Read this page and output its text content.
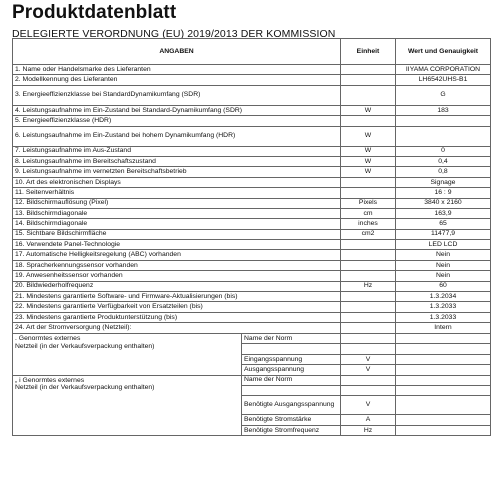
Produktdatenblatt
DELEGIERTE VERORDNUNG (EU) 2019/2013 DER KOMMISSION
ANGABEN	Einheit	Wert und Genauigkeit
1. Name oder Handelsmarke des Lieferanten		IIYAMA CORPORATION
2. Modellkennung des Lieferanten		LH6542UHS-B1
3. Energieeffizienzklasse bei StandardDynamikumfang (SDR)		G
4. Leistungsaufnahme im Ein-Zustand bei Standard-Dynamikumfang (SDR)	W	183
5. Energieeffizienzklasse (HDR)		
6. Leistungsaufnahme im Ein-Zustand bei hohem Dynamikumfang (HDR)	W	
7. Leistungsaufnahme im Aus-Zustand	W	0
8. Leistungsaufnahme im Bereitschaftszustand	W	0,4
9. Leistungsaufnahme im vernetzten Bereitschaftsbetrieb	W	0,8
10. Art des elektronischen Displays		Signage
11. Seitenverhältnis		16 : 9
12. Bildschirmauflösung (Pixel)	Pixels	3840 x 2160
13. Bildschirmdiagonale	cm	163,9
14. Bildschirmdiagonale	inches	65
15. Sichtbare Bildschirmfläche	cm2	11477,9
16. Verwendete Panel-Technologie		LED LCD
17. Automatische Helligkeitsregelung (ABC) vorhanden		Nein
18. Spracherkennungssensor vorhanden		Nein
19. Anwesenheitssensor vorhanden		Nein
20. Bildwiederholfrequenz	Hz	60
21. Mindestens garantierte Software- und Firmware-Aktualisierungen (bis)		1.3.2034
22. Mindestens garantierte Verfügbarkeit von Ersatzteilen (bis)		1.3.2033
23. Mindestens garantierte Produktunterstützung (bis)		1.3.2033
24. Art der Stromversorgung (Netzteil):		Intern
. Genormtes externes
Netzteil (in der Verkaufsverpackung enthalten)	Name der Norm		

	Eingangsspannung	V	
	Ausgangsspannung	V	

„ i Genormtes externes
Netzteil (in der Verkaufsverpackung enthalten)	Name der Norm		

	Benötigte Ausgangsspannung	V	
	Benötigte Stromstärke	A	
	Benötigte Stromfrequenz	Hz	
